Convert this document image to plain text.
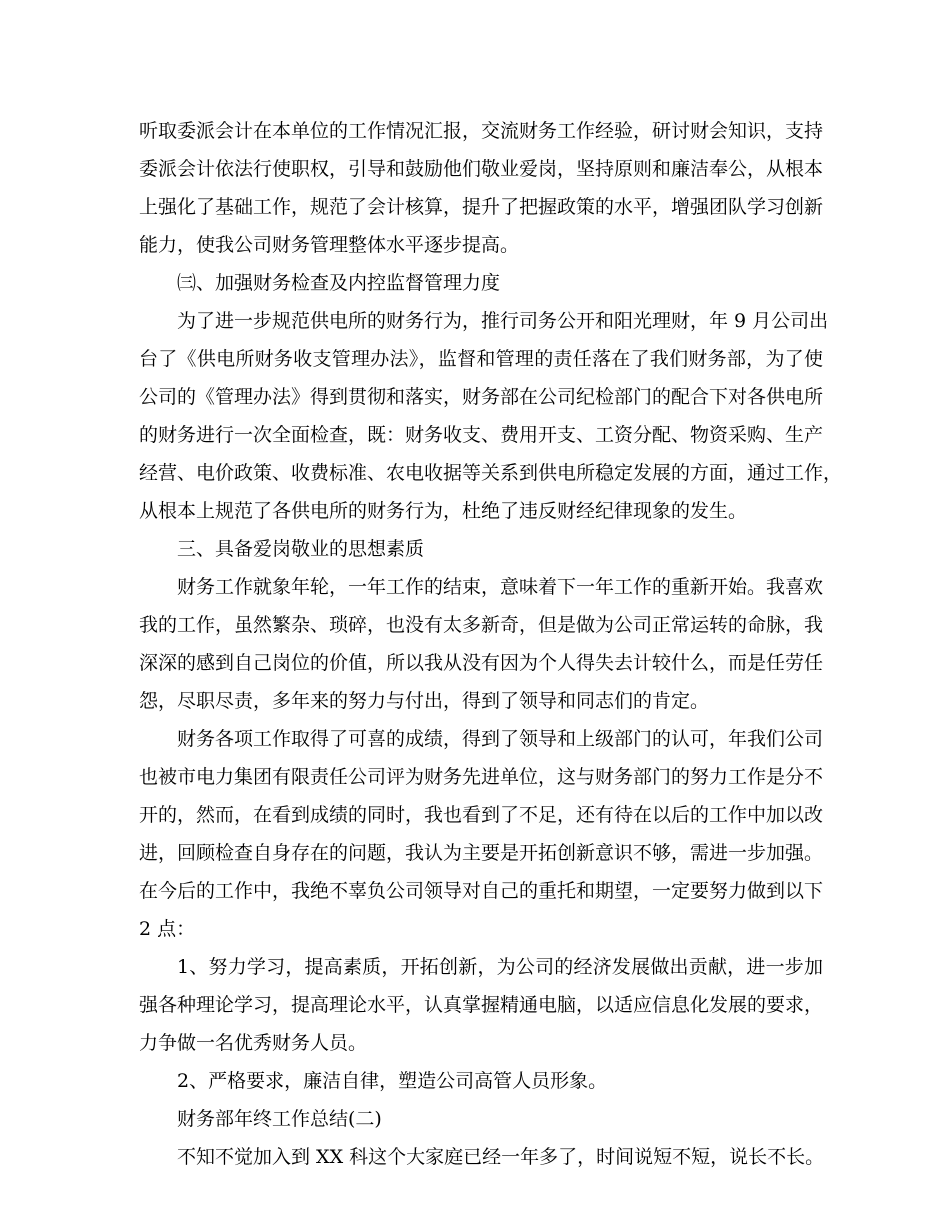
听取委派会计在本单位的工作情况汇报，交流财务工作经验，研讨财会知识，支持
委派会计依法行使职权，引导和鼓励他们敬业爱岗，坚持原则和廉洁奉公，从根本
上强化了基础工作，规范了会计核算，提升了把握政策的水平，增强团队学习创新
能力，使我公司财务管理整体水平逐步提高。
㈢、加强财务检查及内控监督管理力度
为了进一步规范供电所的财务行为，推行司务公开和阳光理财，年 9 月公司出
台了《供电所财务收支管理办法》，监督和管理的责任落在了我们财务部，为了使
公司的《管理办法》得到贯彻和落实，财务部在公司纪检部门的配合下对各供电所
的财务进行一次全面检查，既：财务收支、费用开支、工资分配、物资采购、生产
经营、电价政策、收费标准、农电收据等关系到供电所稳定发展的方面，通过工作，
从根本上规范了各供电所的财务行为，杜绝了违反财经纪律现象的发生。
三、具备爱岗敬业的思想素质
财务工作就象年轮，一年工作的结束，意味着下一年工作的重新开始。我喜欢
我的工作，虽然繁杂、琐碎，也没有太多新奇，但是做为公司正常运转的命脉，我
深深的感到自己岗位的价值，所以我从没有因为个人得失去计较什么，而是任劳任
怨，尽职尽责，多年来的努力与付出，得到了领导和同志们的肯定。
财务各项工作取得了可喜的成绩，得到了领导和上级部门的认可，年我们公司
也被市电力集团有限责任公司评为财务先进单位，这与财务部门的努力工作是分不
开的，然而，在看到成绩的同时，我也看到了不足，还有待在以后的工作中加以改
进，回顾检查自身存在的问题，我认为主要是开拓创新意识不够，需进一步加强。
在今后的工作中，我绝不辜负公司领导对自己的重托和期望，一定要努力做到以下
2 点：
1、努力学习，提高素质，开拓创新，为公司的经济发展做出贡献，进一步加
强各种理论学习，提高理论水平，认真掌握精通电脑，以适应信息化发展的要求，
力争做一名优秀财务人员。
2、严格要求，廉洁自律，塑造公司高管人员形象。
财务部年终工作总结(二)
不知不觉加入到 XX 科这个大家庭已经一年多了，时间说短不短，说长不长。
